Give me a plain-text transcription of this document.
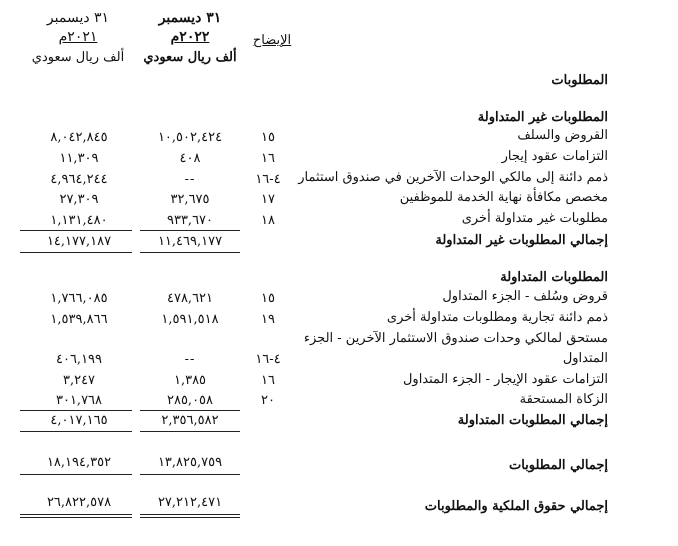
٣١ ديسمبر
٢٠٢٢م
ألف ريال سعودي
٣١ ديسمبر
٢٠٢١م
ألف ريال سعودي
الإيضاح
المطلوبات
المطلوبات غير المتداولة
القروض والسلف
١٥
١٠,٥٠٢,٤٢٤
٨,٠٤٢,٨٤٥
التزامات عقود إيجار
١٦
٤٠٨
١١,٣٠٩
ذمم دائنة إلى مالكي الوحدات الآخرين في صندوق استثمار
٤-١٦
--
٤,٩٦٤,٢٤٤
مخصص مكافأة نهاية الخدمة للموظفين
١٧
٣٢,٦٧٥
٢٧,٣٠٩
مطلوبات غير متداولة أخرى
١٨
٩٣٣,٦٧٠
١,١٣١,٤٨٠
إجمالي المطلوبات غير المتداولة
١١,٤٦٩,١٧٧
١٤,١٧٧,١٨٧
المطلوبات المتداولة
قروض وسُلف - الجزء المتداول
١٥
٤٧٨,٦٢١
١,٧٦٦,٠٨٥
ذمم دائنة تجارية ومطلوبات متداولة أخرى
١٩
١,٥٩١,٥١٨
١,٥٣٩,٨٦٦
مستحق لمالكي وحدات صندوق الاستثمار الآخرين - الجزء
المتداول
٤-١٦
--
٤٠٦,١٩٩
التزامات عقود الإيجار - الجزء المتداول
١٦
١,٣٨٥
٣,٢٤٧
الزكاة المستحقة
٢٠
٢٨٥,٠٥٨
٣٠١,٧٦٨
إجمالي المطلوبات المتداولة
٢,٣٥٦,٥٨٢
٤,٠١٧,١٦٥
إجمالي المطلوبات
١٣,٨٢٥,٧٥٩
١٨,١٩٤,٣٥٢
إجمالي حقوق الملكية والمطلوبات
٢٧,٢١٢,٤٧١
٢٦,٨٢٢,٥٧٨
